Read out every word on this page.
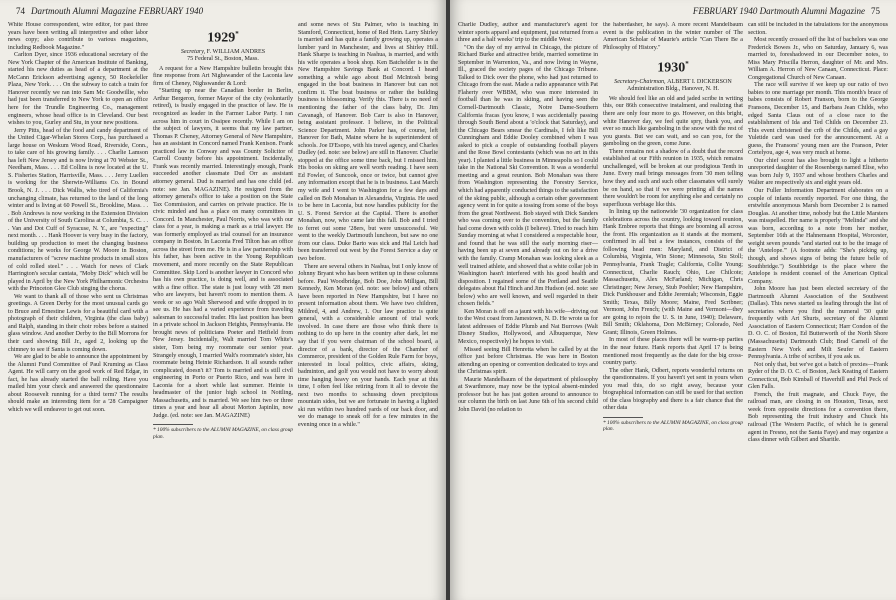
74 Dartmouth Alumni Magazine FEBRUARY 1940

White House correspondent, wire editor, for past three years have been writing all interpretive and other labor news copy; also contribute to various magazines, including Redbook Magazine."

Carlton Dyer, since 1936 educational secretary of the New York Chapter of the American Institute of Banking, started his new duties as head of a department at the McCann Erickson advertising agency, 50 Rockefeller Plaza, New York. . . . On the subway to catch a train for Hanover recently we ran into Sam Mc Goodwillie, who had just been transferred to New York to open an office here for the Trundle Engineering Co., management engineers, whose head office is in Cleveland. Our best wishes to you, Gurley and Stu, in your new positions.

Jerry Pitts, head of the food and candy department of the United Cigar-Whelan Stores Corp., has purchased a large house on Weskum Wood Road, Riverside, Conn., to take care of his growing family. . . . Charlie Lamson has left New Jersey and is now living at 70 Webster St., Needham, Mass. . . . Ed Collins is now located at the U. S. Fisheries Station, Harrisville, Mass. . . . Jerry Luellen is working for the Sherwin-Williams Co. in Bound Brook, N. J. . . . Dick Wallis, who tired of California's unchanging climate, has returned to the land of the long winter and is living at 60 Powell St., Brookline, Mass. . . . Bob Andrews is now working in the Extension Division of the University of South Carolina at Columbia, S. C. . . . Van and Dot Cuff of Syracuse, N. Y., are "expecting" next month. . . . Hank Hoover is very busy in the factory, building up production to meet the changing business conditions; he works for George W. Moore in Boston, manufacturers of "screw machine products in small sizes of cold rolled steel." . . . Watch for news of Clark Harrington's secular cantata, "Moby Dick" which will be played in April by the New York Philharmonic Orchestra with the Princeton Glee Club singing the chorus.

We want to thank all of those who sent us Christmas greetings. A Green Derby for the most unusual cards go to Bruce and Ernestine Lewis for a beautiful card with a photograph of their children, Virginia (the class baby) and Ralph, standing in their choir robes before a stained glass window. And another Derby to the Bill Morrons for their card showing Bill Jr., aged 2, looking up the chimney to see if Santa is coming down.

We are glad to be able to announce the appointment by the Alumni Fund Committee of Paul Kruming as Class Agent. He will carry on the good work of Red Edgar, in fact, he has already started the ball rolling. Have you mailed him your check and answered the questionnaire about Roosevelt running for a third term? The results should make an interesting item for a '28 Campaigner which we will endeavor to get out soon.

1929*
Secretary, F. WILLIAM ANDRES
75 Federal St., Boston, Mass.

A request for a New Hampshire bulletin brought this fine response from Art Nighswander of the Laconia law firm of Cheney, Nighswander & Lord:

"Starting up near the Canadian border in Berlin, Arthur Bergeron, former Mayor of the city (voluntarily retired), is busily engaged in the practice of law. He is recognized as leader in the Farmer Labor Party. I ran across him in court in Ossipee recently. While I am on the subject of lawyers, it seems that my law partner, Thomas P. Cheney, Attorney General of New Hampshire, has an assistant in Concord named Frank Kenison. Frank practiced law in Conway and was County Solicitor of Carroll County before his appointment. Incidentally, Frank was recently married. Interestingly enough, Frank succeeded another classmate Dud Orr as assistant attorney general. Dud is married and has one child (ed. note: see Jan. MAGAZINE). He resigned from the attorney general's office to take a position on the State Tax Commission, and carries on private practice. He is civic minded and has a place on many committees in Concord. In Manchester, Paul Norris, who was with our class for a year, is making a mark as a trial lawyer. He was formerly employed as trial counsel for an insurance company in Boston. In Laconia Fred Tilton has an office across the street from me. He is in a law partnership with his father, has been active in the Young Republican movement, and more recently on the State Republican Committee. Skip Lord is another lawyer in Concord who has his own practice, is doing well, and is associated with a fine office. The state is just lousy with '28 men who are lawyers, but haven't room to mention them. A week or so ago Walt Sherwood and wife dropped in to see us. He has had a varied experience from traveling salesman to successful trader. His last position has been in a private school in Jackson Heights, Pennsylvania. He brought news of politicians Poeter and Hetfield from New Jersey. Incidentally, Walt married Tom White's sister, Tom being my roommate our senior year. Strangely enough, I married Walt's roommate's sister, his roommate being Heinie Richardson. It all sounds rather complicated, doesn't it? Tom is married and is still civil engineering in Porto or Puerto Rico, and was here in Laconia for a short while last summer. Heinie is headmaster of the junior high school in Nottling, Massachusetts, and is married. We see him two or three times a year and hear all about Morton Japinlin, now Judge. (ed. note: see Jan. MAGAZINE)

* 100% subscribers to the ALUMNI MAGAZINE, on class group plan.

and some news of Stu Palmer, who is teaching in Stamford, Connecticut, home of Red Hein. Larry Shirley is married and has quite a family growing up, operates a lumber yard in Manchester, and lives at Shirley Hill. Hank Sharpe is teaching in Nashua, is married, and with his wife operates a book shop. Ken Batchelder is in the New Hampshire Savings Bank at Concord. I heard something a while ago about Bud McIntosh being engaged in the boat business in Hanover but can not confirm it. The boat business or rather the building business is blossoming. Verify this. There is no need of mentioning the father of the class baby, Dr. Jim Cavanagh, of Hanover. Bob Carr is also in Hanover, being assistant professor. I believe, in the Political Science Department. John Parker has, of course, left Hanover for Bath, Maine where he is superintendent of schools. Joe D'Esopo, with his travel agency, and Charles Dudley (ed. note: see below) are still in Hanover. Charlie stopped at the office some time back, but I missed him. His books on skiing are well worth reading. I have seen Ed Fowler, of Suncook, once or twice, but cannot give any information except that he is in business. Last March my wife and I went to Washington for a few days and called on Bob Monahan in Alexandria, Virginia. He used to be here in Laconia, but now handles publicity for the U. S. Forest Service at the Capital. There is another Monahan, now, who came late this fall. Bob and I tried to ferret out some '28ers, but were unsuccessful. We went to the weekly Dartmouth luncheon, but saw no one from our class. Duke Barto was sick and Hal Leich had been transferred out west by the Forest Service a day or two before.

There are several others in Nashua, but I only know of Johnny Bryant who has been written up in these columns before. Paul Woodbridge, Bob Doe, John Milligan, Bill Kennedy, Ken Moran (ed. note: see below) and others have been reported in New Hampshire, but I have no present information about them. We have two children, Mildred, 4, and Andrew, 1. Our law practice is quite general, with a considerable amount of trial work involved. In case there are those who think there is nothing to do up here in the country after dark, let me say that if you were chairman of the school board, a director of a bank, director of the Chamber of Commerce, president of the Golden Rule Farm for boys, interested in local politics, civic affairs, skiing, badminton, and golf you would not have to worry about time hanging heavy on your hands. Each year at this time, I often feel like retiring from it all to devote the next two months to schussing down precipitous mountain sides, but we are fortunate in having a lighted ski run within two hundred yards of our back door, and we do manage to sneak off for a few minutes in the evening once in a while."

FEBRUARY 1940 Dartmouth Alumni Magazine 75

Charlie Dudley, author and manufacturer's agent for winter sports apparel and equipment, just returned from a three and a half weeks' trip to the middle West:

"On the day of my arrival in Chicago, the picture of Richard Burke and attractive bride, married sometime in September in Warrenton, Va., and now living in Wayne, Ill., graced the society pages of the Chicago Tribune. Talked to Dick over the phone, who had just returned to Chicago from the east. Made a radio appearance with Pat Flaherty over WBBM, who was more interested in football than he was in skiing, and having seen the Cornell-Dartmouth Classic, Notre Dame-Southern California fracas (you know, I was accidentally passing through South Bend about a 'o'clock that Saturday), and the Chicago Bears smear the Cardinals, I felt like Bill Cunningham and Eddie Dooley combined when I was asked to pick a couple of outstanding football players and the Rose Bowl contestants (which was no art in this year). I planted a little business in Minneapolis so I could take in the National Ski Convention. It was a wonderful meeting and a great reunion. Bob Monahan was there from Washington representing the Forestry Service, which had apparently conducted things to the satisfaction of the skiing public, although a certain other government agency went in for quite a tossing from some of the boys from the great Northwest. Bob stayed with Dick Sanders who was coming over to the convention, but the family had come down with colds (I believe). Tried to reach him Sunday morning at what I considered a respectable hour, and found that he was still the early morning riser—having been up at seven and already out on for a drive with the family. Cramp Monahan was looking sleek as a well trained athlete, and showed that a white collar job in Washington hasn't interfered with his good health and disposition. I regained some of the Portland and Seattle delegates about Hal Hinch and Jim Hudson (ed. note: see below) who are well known, and well regarded in their chosen fields."

Ken Moran is off on a jaunt with his wife—driving out to the West coast from Jamestown, N. D. He wrote us for latest addresses of Eddie Plumb and Nat Burrows (Walt Disney Studios, Hollywood, and Albuquerque, New Mexico, respectively) he hopes to visit.

Missed seeing Bill Henretta when he called by at the office just before Christmas. He was here in Boston attending an opening or convention dedicated to toys and the Christmas spirit.

Maurie Mandelbaum of the department of philosophy at Swarthmore, may now be the typical absent-minded professor but he has just gotten around to announce to our column the birth on last June 6th of his second child John David (no relation to

the haberdasher, he says). A more recent Mandelbaum event is the publication in the winter number of The American Scholar of Maurie's article "Can There Be a Philosophy of History."

1930*
Secretary-Chairman, ALBERT I. DICKERSON
Administration Bldg., Hanover, N. H.

We should feel like an old and jaded scribe in writing this, our 86th consecutive instalment, and realizing that there are only four more to go. However, on this bright, white Hanover day, we feel quite spry, thank you, and ever so much like gamboling in the snow with the rest of you guests. But we can wait, and so can you, for the gamboling on the green, come June.

There remains not a shadow of a doubt that the record established at our Fifth reunion in 1935, which remains unchallenged, will be broken at our prodigious Tenth in June. Every mail brings messages from '30 men telling how they and such and such other classmates will surely be on hand, so that if we were printing all the names there wouldn't be room for anything else and certainly no superfluous verbiage like this.

In lining up the nationwide '30 organization for class celebrations across the country, looking toward reunion, Hank Embree reports that things are booming all across the front. His organization as it stands at the moment, confirmed in all but a few instances, consists of the following head men: Maryland, and District of Columbia, Virginia, Win Stone; Minnesota, Stu Stoll; Pennsylvania, Frank Tragle; California, Collie Young; Connecticut, Charlie Rauch; Ohio, Lee Chilcote; Massachusetts, Alex McFarland; Michigan, Chris Christinger; New Jersey, Stub Poehler; New Hampshire, Dick Funkhouser and Eddie Jeremiah; Wisconsin, Eggie Smith; Texas, Billy Moore; Maine, Fred Scribner; Vermont, John French; (with Maine and Vermont—they are going to rejoin the U. S. in June, 1940); Delaware, Bill Smith; Oklahoma, Don McBirney; Colorado, Ned Grant; Illinois, Green Holmes.

In most of these places there will be warm-up parties in the near future. Hank reports that April 17 is being mentioned most frequently as the date for the big cross-country party.

The other Hank, Odbert, reports wonderful returns on the questionnaires. If you haven't yet sent in yours when you read this, do so right away, because your biographical information can still be used for that section of the class biography and there is a fair chance that the other data

* 100% subscribers to the ALUMNI MAGAZINE, on class group plan.

can still be included in the tabulations for the anonymous section.

Most recently crossed off the list of bachelors was one Frederick Bowes Jr., who on Saturday, January 6, was married to, foreshadowed in our December notes, to Miss Mary Priscilla Herron, daughter of Mr. and Mrs. William A. Herron of New Canaan, Connecticut. Place: Congregational Church of New Canaan.

The race will survive if we keep up our ratio of two babies to one marriage per month. This month's brace of babes consists of Robert Franson, born to the George Fransons, December 15, and Barbara Jean Childs, who edged Santa Claus out of a close race to the establishment of Ida and Ted Childs on December 23. This event christened the crib of the Childs, and a gay Yuletide card was used for the announcement. At a guess, the Fransons' young men are the Franson, Peter Cortelyou, age 4, was very much at home.

Our chief scout has also brought to light a hitherto unreported daughter of the Rosenbergs named Elise, who was born July 9, 1937 and whose brothers Charles and Walter are respectively six and eight years old.

Our Fuller Information Department elaborates on a couple of infants recently reported. For one thing, the erstwhile anonymous Marsh born December 2 is named Douglas. At another time, nobody but the Little Marsters was misspelled. Her name is properly "Melinda" and she was born, according to a note from her mother, September 16th at the Hahnemann Hospital, Worcester, weight seven pounds "and started out to be the image of the 'Antelope.'" (A footnote adds: "She's picking up, though, and shows signs of being the future belle of Southbridge.") Southbridge is the place where the Antelope is resident counsel of the American Optical Company.

John Moore has just been elected secretary of the Dartmouth Alumni Association of the Southwest (Dallas). This news started us leafing through the list of secretaries where you find the numeral '30 quite frequently with Art Shurts, secretary of the Alumni Association of Eastern Connecticut; Harr Condon of the D. O. C. of Boston, Ed Butterworth of the North Shore (Massachusetts) Dartmouth Club; Brad Carnell of the Eastern New York and Milt Seufer of Eastern Pennsylvania. A tribe of scribes, if you ask us.

Not only that, but we've got a batch of prexies—Frank Ryder of the D. O. C. of Boston, Jack Keating of Eastern Connecticut, Bob Kimball of Haverhill and Phil Peck of Glen Falls.

French, the fruit magnate, and Chuck Faye, the railroad man, are closing in on Houston, Texas, next week from opposite directions for a convention there, Bob representing the fruit industry and Chuck his railroad (The Western Pacific, of which he is general agent in Fresno, not the Santa Faye) and may organize a class dinner with Gilbert and Sharitle.
